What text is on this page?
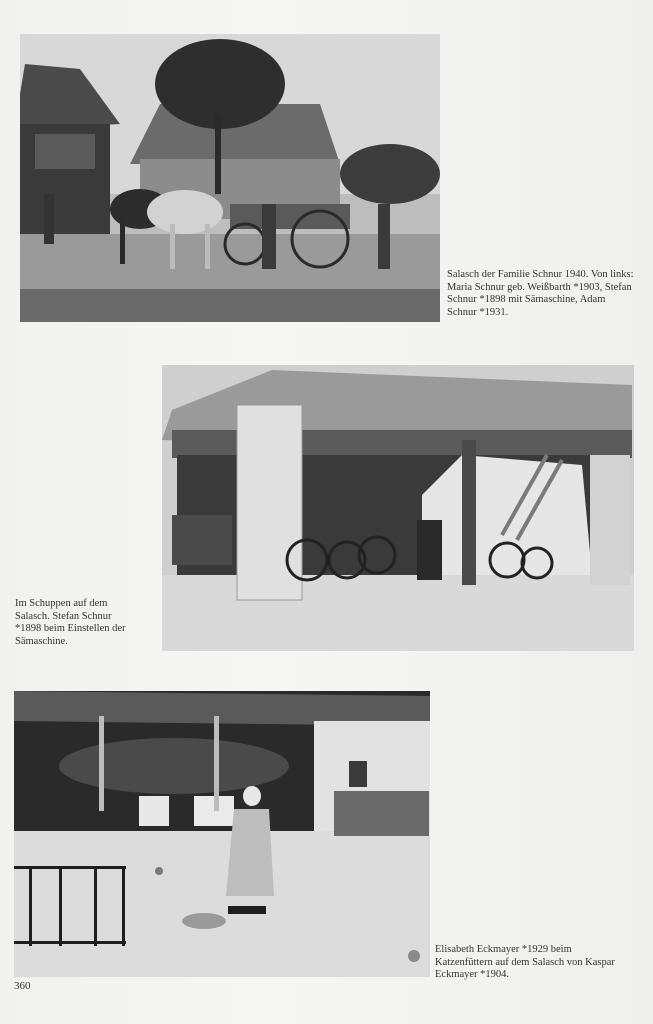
Salasch der Familie Schnur 1940. Von links: Maria Schnur geb. Weißbarth *1903, Stefan Schnur *1898 mit Sämaschine, Adam Schnur *1931.
Im Schuppen auf dem Salasch. Stefan Schnur *1898 beim Einstellen der Sämaschine.
Elisabeth Eckmayer *1929 beim Katzenfüttern auf dem Salasch von Kaspar Eckmayer *1904.
360
